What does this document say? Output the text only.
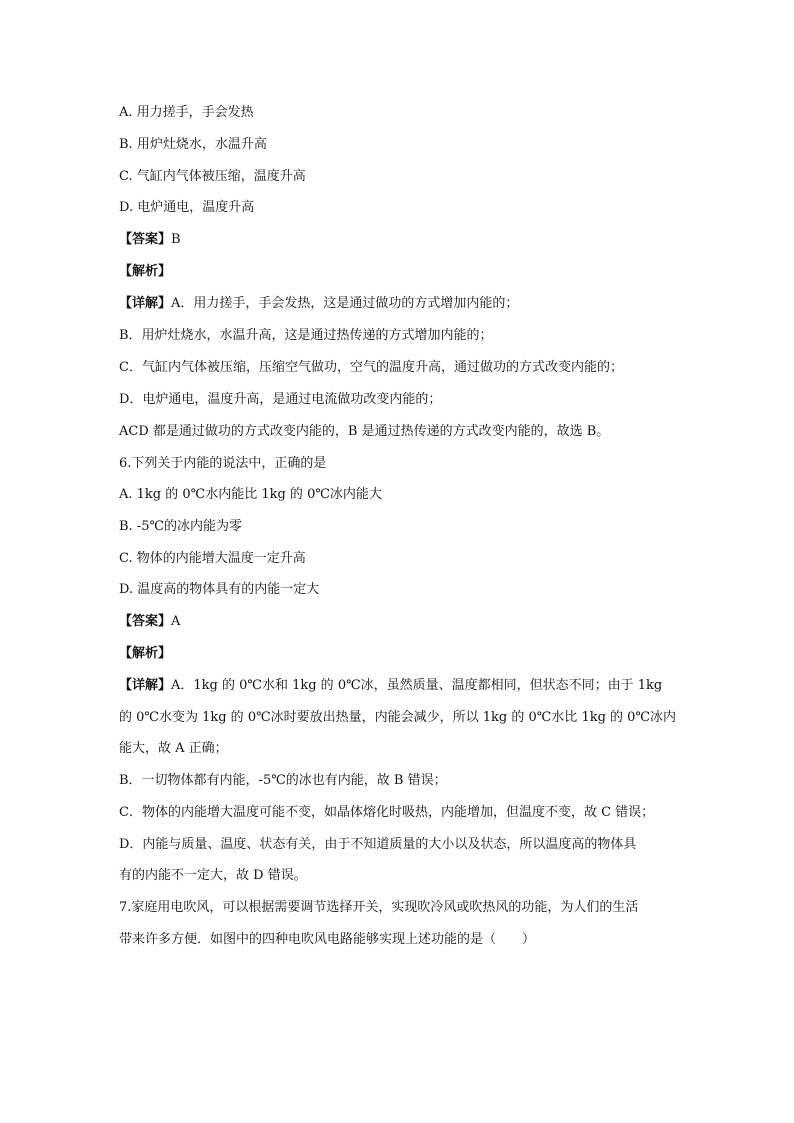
A. 用力搓手，手会发热
B. 用炉灶烧水，水温升高
C. 气缸内气体被压缩，温度升高
D. 电炉通电，温度升高
【答案】B
【解析】
【详解】A．用力搓手，手会发热，这是通过做功的方式增加内能的；
B．用炉灶烧水，水温升高，这是通过热传递的方式增加内能的；
C．气缸内气体被压缩，压缩空气做功，空气的温度升高，通过做功的方式改变内能的；
D．电炉通电，温度升高，是通过电流做功改变内能的；
ACD 都是通过做功的方式改变内能的，B 是通过热传递的方式改变内能的，故选 B。
6.下列关于内能的说法中，正确的是
A. 1kg 的 0℃水内能比 1kg 的 0℃冰内能大
B. -5℃的冰内能为零
C. 物体的内能增大温度一定升高
D. 温度高的物体具有的内能一定大
【答案】A
【解析】
【详解】A．1kg 的 0℃水和 1kg 的 0℃冰，虽然质量、温度都相同，但状态不同；由于 1kg
的 0℃水变为 1kg 的 0℃冰时要放出热量，内能会减少，所以 1kg 的 0℃水比 1kg 的 0℃冰内
能大，故 A 正确；
B．一切物体都有内能，-5℃的冰也有内能，故 B 错误；
C．物体的内能增大温度可能不变，如晶体熔化时吸热，内能增加，但温度不变，故 C 错误；
D．内能与质量、温度、状态有关，由于不知道质量的大小以及状态，所以温度高的物体具
有的内能不一定大，故 D 错误。
7.家庭用电吹风，可以根据需要调节选择开关，实现吹冷风或吹热风的功能，为人们的生活
带来许多方便．如图中的四种电吹风电路能够实现上述功能的是（　　）
